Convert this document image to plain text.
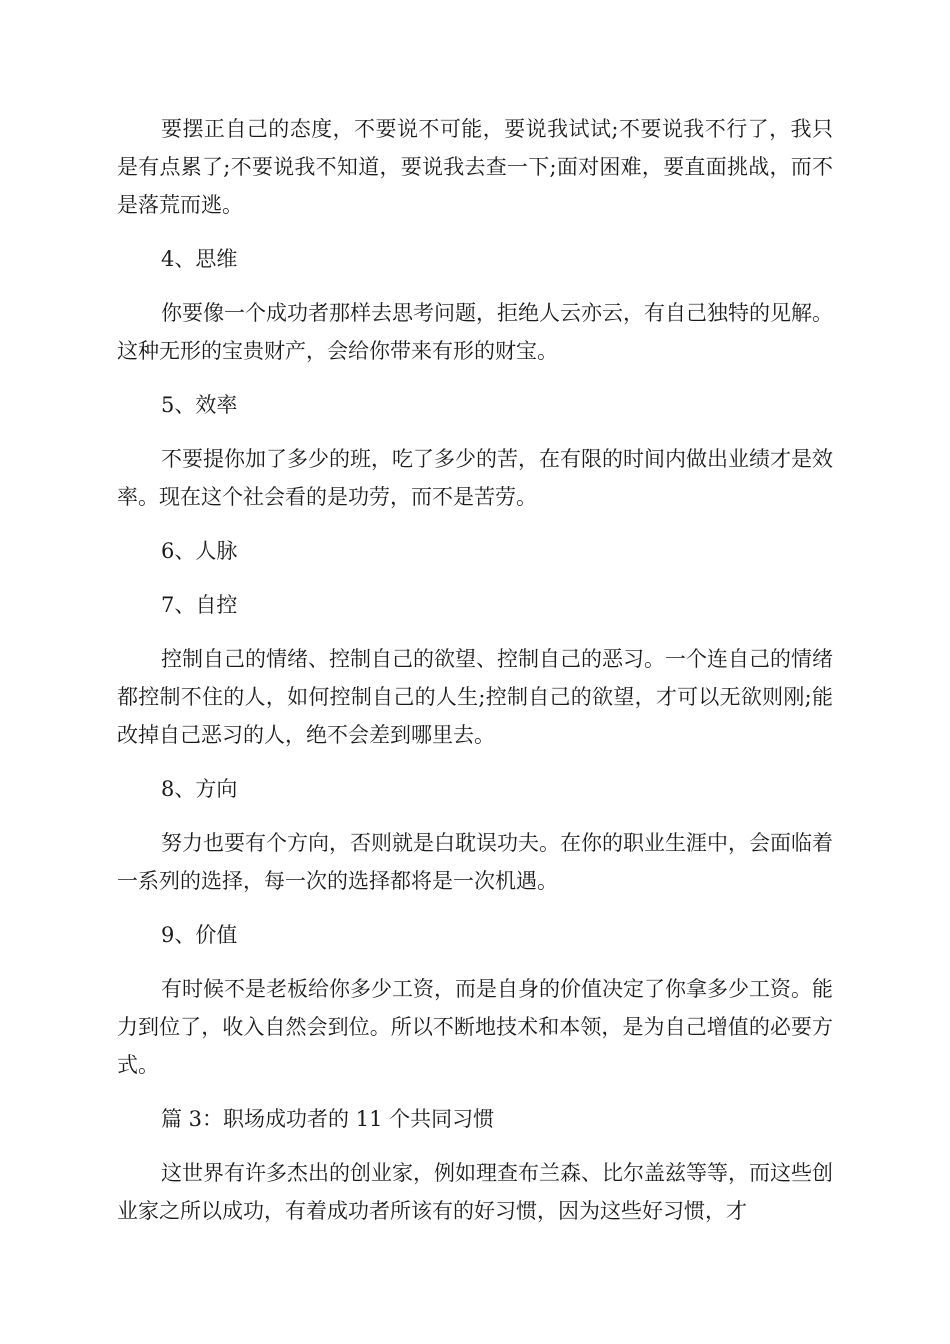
要摆正自己的态度，不要说不可能，要说我试试;不要说我不行了，我只是有点累了;不要说我不知道，要说我去查一下;面对困难，要直面挑战，而不是落荒而逃。

4、思维

你要像一个成功者那样去思考问题，拒绝人云亦云，有自己独特的见解。这种无形的宝贵财产，会给你带来有形的财宝。

5、效率

不要提你加了多少的班，吃了多少的苦，在有限的时间内做出业绩才是效率。现在这个社会看的是功劳，而不是苦劳。

6、人脉

7、自控

控制自己的情绪、控制自己的欲望、控制自己的恶习。一个连自己的情绪都控制不住的人，如何控制自己的人生;控制自己的欲望，才可以无欲则刚;能改掉自己恶习的人，绝不会差到哪里去。

8、方向

努力也要有个方向，否则就是白耽误功夫。在你的职业生涯中，会面临着一系列的选择，每一次的选择都将是一次机遇。

9、价值

有时候不是老板给你多少工资，而是自身的价值决定了你拿多少工资。能力到位了，收入自然会到位。所以不断地技术和本领，是为自己增值的必要方式。

篇 3：职场成功者的 11 个共同习惯

这世界有许多杰出的创业家，例如理查布兰森、比尔盖兹等等，而这些创业家之所以成功，有着成功者所该有的好习惯，因为这些好习惯，才
